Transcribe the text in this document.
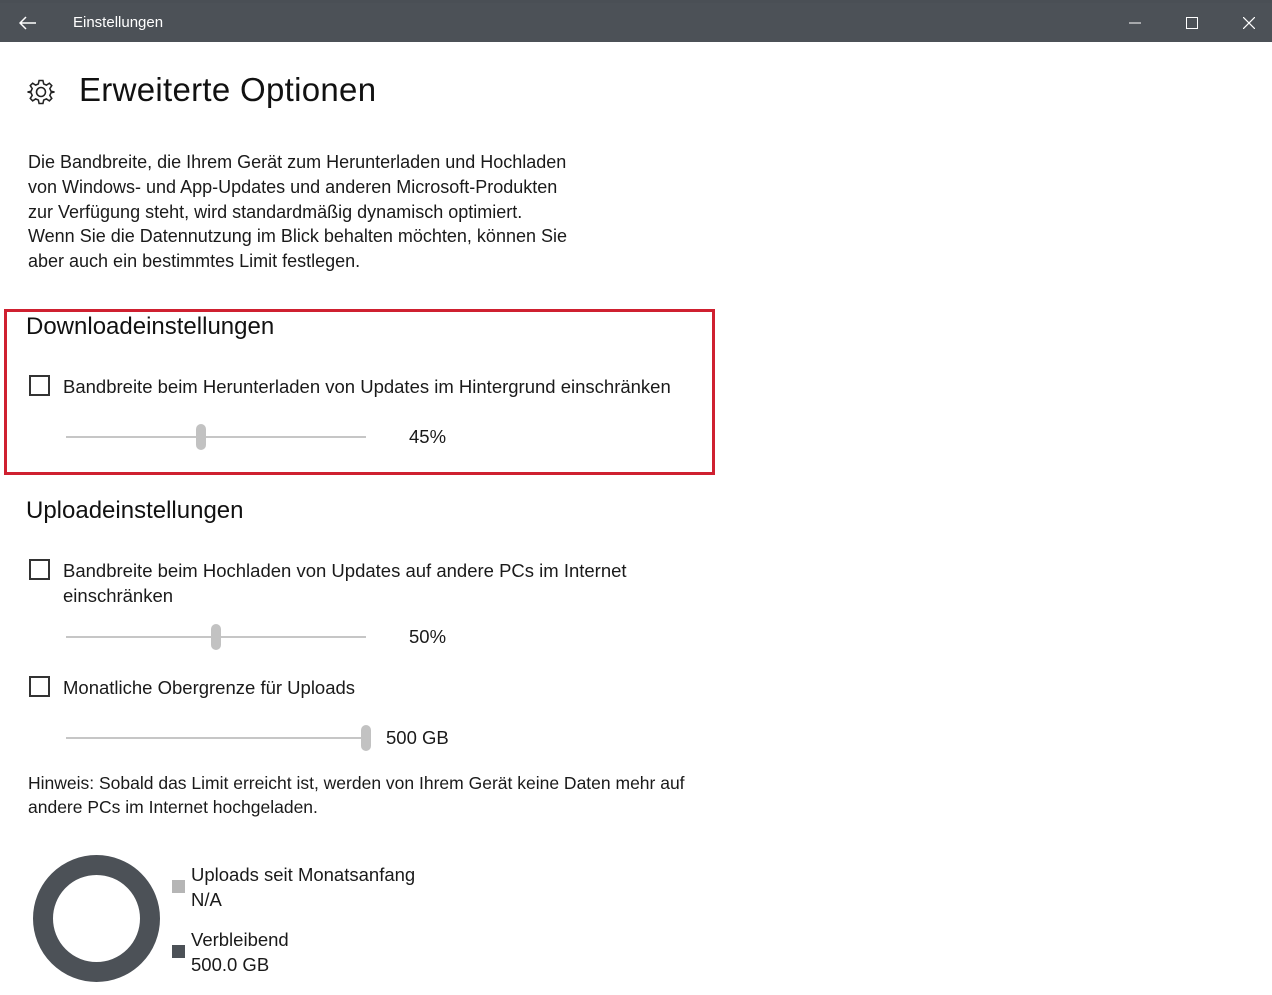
Einstellungen
Erweiterte Optionen
Die Bandbreite, die Ihrem Gerät zum Herunterladen und Hochladen
von Windows- und App-Updates und anderen Microsoft-Produkten
zur Verfügung steht, wird standardmäßig dynamisch optimiert.
Wenn Sie die Datennutzung im Blick behalten möchten, können Sie
aber auch ein bestimmtes Limit festlegen.
Downloadeinstellungen
Bandbreite beim Herunterladen von Updates im Hintergrund einschränken
45%
Uploadeinstellungen
Bandbreite beim Hochladen von Updates auf andere PCs im Internet
einschränken
50%
Monatliche Obergrenze für Uploads
500 GB
Hinweis: Sobald das Limit erreicht ist, werden von Ihrem Gerät keine Daten mehr auf
andere PCs im Internet hochgeladen.
Uploads seit Monatsanfang
N/A
Verbleibend
500.0 GB
